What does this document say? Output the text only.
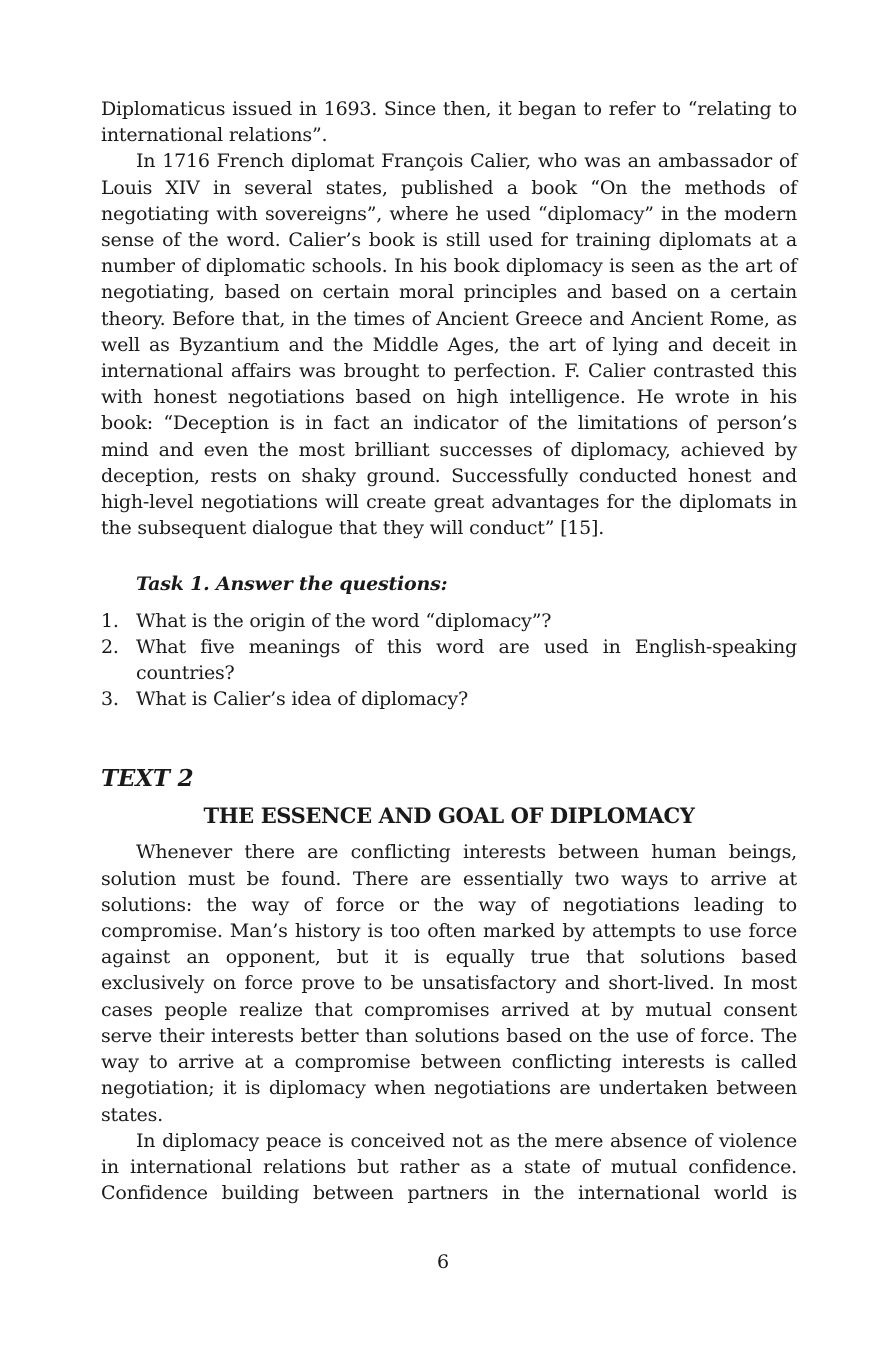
Diplomaticus issued in 1693. Since then, it began to refer to “relating to international relations”.

In 1716 French diplomat François Calier, who was an ambassador of Louis XIV in several states, published a book “On the methods of negotiating with sovereigns”, where he used “diplomacy” in the modern sense of the word. Calier’s book is still used for training diplomats at a number of diplomatic schools. In his book diplomacy is seen as the art of negotiating, based on certain moral principles and based on a certain theory. Before that, in the times of Ancient Greece and Ancient Rome, as well as Byzantium and the Middle Ages, the art of lying and deceit in international affairs was brought to perfection. F. Calier contrasted this with honest negotiations based on high intelligence. He wrote in his book: “Deception is in fact an indicator of the limitations of person’s mind and even the most brilliant successes of diplomacy, achieved by deception, rests on shaky ground. Successfully conducted honest and high-level negotiations will create great advantages for the diplomats in the subsequent dialogue that they will conduct” [15].

Task 1. Answer the questions:

1. What is the origin of the word “diplomacy”?
2. What five meanings of this word are used in English-speaking countries?
3. What is Calier’s idea of diplomacy?

TEXT 2

THE ESSENCE AND GOAL OF DIPLOMACY

Whenever there are conflicting interests between human beings, solution must be found. There are essentially two ways to arrive at solutions: the way of force or the way of negotiations leading to compromise. Man’s history is too often marked by attempts to use force against an opponent, but it is equally true that solutions based exclusively on force prove to be unsatisfactory and short-lived. In most cases people realize that compromises arrived at by mutual consent serve their interests better than solutions based on the use of force. The way to arrive at a compromise between conflicting interests is called negotiation; it is diplomacy when negotiations are undertaken between states.

In diplomacy peace is conceived not as the mere absence of violence in international relations but rather as a state of mutual confidence. Confidence building between partners in the international world is

6
